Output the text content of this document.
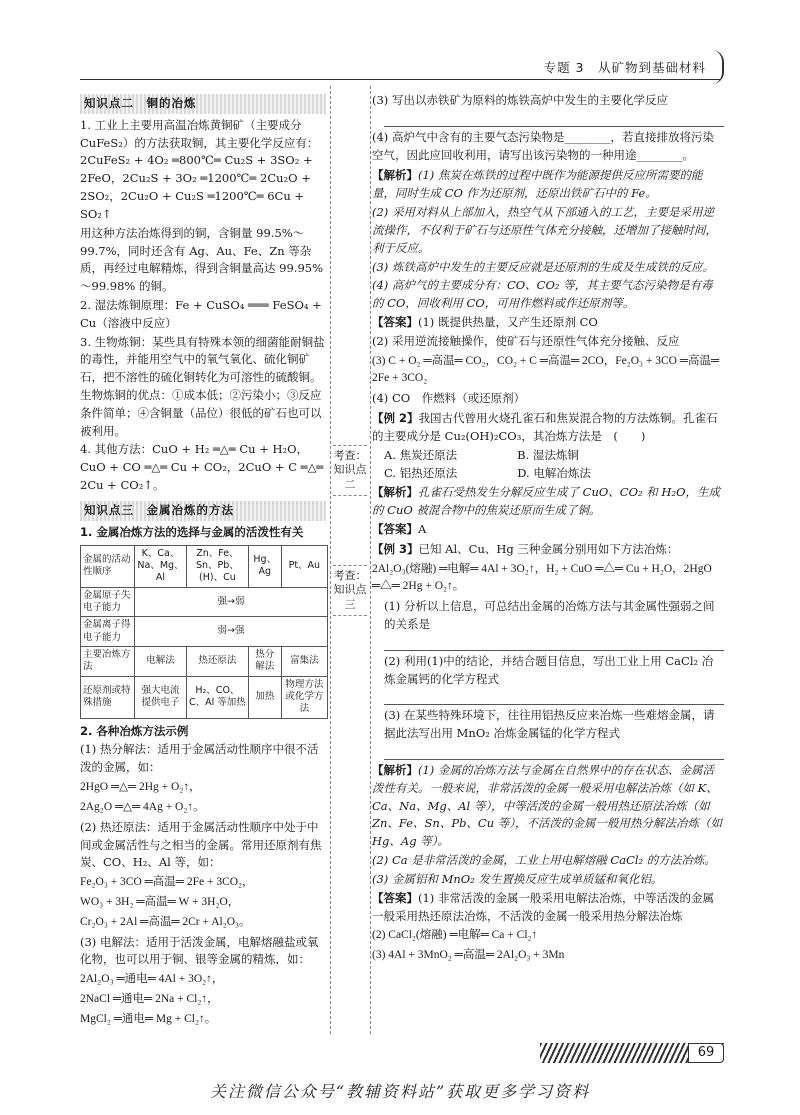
专题 3　从矿物到基础材料
考查：知识点二
考查：知识点三
知识点二　铜的冶炼

1. 工业上主要用高温冶炼黄铜矿（主要成分CuFeS₂）的方法获取铜，其主要化学反应有：2CuFeS₂ + 4O₂ ═800℃═ Cu₂S + 3SO₂ + 2FeO，2Cu₂S + 3O₂ ═1200℃═ 2Cu₂O + 2SO₂，2Cu₂O + Cu₂S ═1200℃═ 6Cu + SO₂↑

用这种方法冶炼得到的铜，含铜量 99.5%～99.7%，同时还含有 Ag、Au、Fe、Zn 等杂质，再经过电解精炼，得到含铜量高达 99.95%～99.98% 的铜。

2. 湿法炼铜原理：Fe + CuSO₄ ═══ FeSO₄ + Cu（溶液中反应）

3. 生物炼铜：某些具有特殊本领的细菌能耐铜盐的毒性，并能用空气中的氧气氧化、硫化铜矿石，把不溶性的硫化铜转化为可溶性的硫酸铜。生物炼铜的优点：①成本低；②污染小；③反应条件简单；④含铜量（品位）很低的矿石也可以被利用。

4. 其他方法：CuO + H₂ ═△═ Cu + H₂O，CuO + CO ═△═ Cu + CO₂，2CuO + C ═△═ 2Cu + CO₂↑。

知识点三　金属冶炼的方法

1. 金属冶炼方法的选择与金属的活泼性有关

金属的活动性顺序	K、Ca、Na、Mg、Al	Zn、Fe、Sn、Pb、(H)、Cu	Hg、Ag	Pt、Au
金属原子失电子能力	强→弱			
金属离子得电子能力	弱→强			
主要冶炼方法	电解法	热还原法	热分解法	富集法
还原剂或特殊措施	强大电流提供电子	H₂、CO、C、Al 等加热	加热	物理方法或化学方法

2. 各种冶炼方法示例

(1) 热分解法：适用于金属活动性顺序中很不活泼的金属，如：

2HgO ═△═ 2Hg + O₂↑，

2Ag₂O ═△═ 4Ag + O₂↑。

(2) 热还原法：适用于金属活动性顺序中处于中间或金属活性与之相当的金属。常用还原剂有焦炭、CO、H₂、Al 等，如：

Fe₂O₃ + 3CO ═高温═ 2Fe + 3CO₂，

WO₃ + 3H₂ ═高温═ W + 3H₂O，

Cr₂O₃ + 2Al ═高温═ 2Cr + Al₂O₃。

(3) 电解法：适用于活泼金属，电解熔融盐或氧化物，也可以用于铜、银等金属的精炼，如：

2Al₂O₃ ═通电═ 4Al + 3O₂↑，

2NaCl ═通电═ 2Na + Cl₂↑，

MgCl₂ ═通电═ Mg + Cl₂↑。

(3) 写出以赤铁矿为原料的炼铁高炉中发生的主要化学反应

(4) 高炉气中含有的主要气态污染物是________，若直接排放将污染空气，因此应回收利用，请写出该污染物的一种用途________。

【解析】(1) 焦炭在炼铁的过程中既作为能源提供反应所需要的能量，同时生成 CO 作为还原剂，还原出铁矿石中的 Fe。

(2) 采用对料从上部加入，热空气从下部通入的工艺，主要是采用逆流操作，不仅利于矿石与还原性气体充分接触，还增加了接触时间，利于反应。

(3) 炼铁高炉中发生的主要反应就是还原剂的生成及生成铁的反应。

(4) 高炉气的主要成分有：CO、CO₂ 等，其主要气态污染物是有毒的 CO，回收利用 CO，可用作燃料或作还原剂等。

【答案】(1) 既提供热量，又产生还原剂 CO

(2) 采用逆流接触操作，使矿石与还原性气体充分接触、反应

(3) C + O₂ ═高温═ CO₂，CO₂ + C ═高温═ 2CO，Fe₂O₃ + 3CO ═高温═ 2Fe + 3CO₂

(4) CO　作燃料（或还原剂）

【例 2】我国古代曾用火烧孔雀石和焦炭混合物的方法炼铜。孔雀石的主要成分是 Cu₂(OH)₂CO₃，其冶炼方法是　(　　)

A. 焦炭还原法	B. 湿法炼铜

C. 铝热还原法	D. 电解冶炼法

【解析】孔雀石受热发生分解反应生成了 CuO、CO₂ 和 H₂O，生成的 CuO 被混合物中的焦炭还原而生成了铜。

【答案】A

【例 3】已知 Al、Cu、Hg 三种金属分别用如下方法冶炼：

2Al₂O₃(熔融) ═电解═ 4Al + 3O₂↑，H₂ + CuO ═△═ Cu + H₂O，2HgO ═△═ 2Hg + O₂↑。

(1) 分析以上信息，可总结出金属的冶炼方法与其金属性强弱之间的关系是

(2) 利用(1)中的结论，并结合题目信息，写出工业上用 CaCl₂ 冶炼金属钙的化学方程式

(3) 在某些特殊环境下，往往用铝热反应来冶炼一些难熔金属，请据此法写出用 MnO₂ 冶炼金属锰的化学方程式

【解析】(1) 金属的冶炼方法与金属在自然界中的存在状态、金属活泼性有关。一般来说，非常活泼的金属一般采用电解法冶炼（如 K、Ca、Na、Mg、Al 等），中等活泼的金属一般用热还原法冶炼（如 Zn、Fe、Sn、Pb、Cu 等），不活泼的金属一般用热分解法冶炼（如 Hg、Ag 等）。

(2) Ca 是非常活泼的金属，工业上用电解熔融 CaCl₂ 的方法冶炼。

(3) 金属铝和 MnO₂ 发生置换反应生成单质锰和氧化铝。

【答案】(1) 非常活泼的金属一般采用电解法冶炼，中等活泼的金属一般采用热还原法冶炼，不活泼的金属一般采用热分解法冶炼

(2) CaCl₂(熔融) ═电解═ Ca + Cl₂↑

(3) 4Al + 3MnO₂ ═高温═ 2Al₂O₃ + 3Mn

69
关注微信公众号“教辅资料站”获取更多学习资料
